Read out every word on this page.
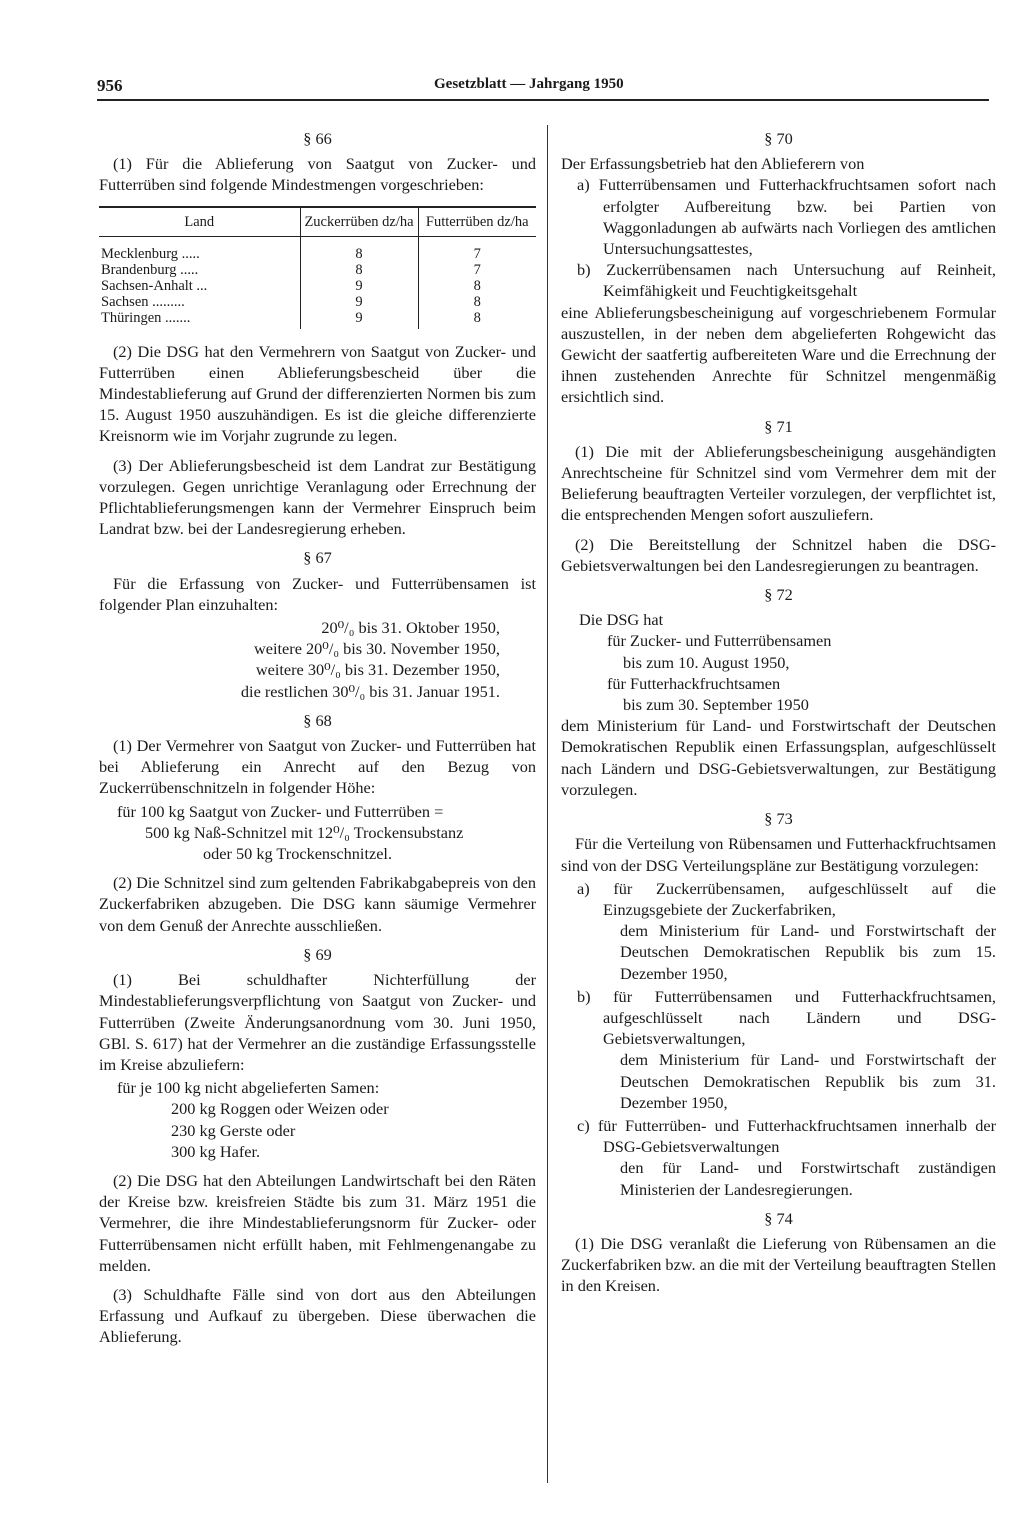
956	Gesetzblatt — Jahrgang 1950
§ 66

(1) Für die Ablieferung von Saatgut von Zucker- und Futterrüben sind folgende Mindestmengen vorgeschrieben:

Land	Zuckerrüben dz/ha	Futterrüben dz/ha
Mecklenburg .....	8	7
Brandenburg .....	8	7
Sachsen-Anhalt ...	9	8
Sachsen .........	9	8
Thüringen .......	9	8

(2) Die DSG hat den Vermehrern von Saatgut von Zucker- und Futterrüben einen Ablieferungsbescheid über die Mindestablieferung auf Grund der differenzierten Normen bis zum 15. August 1950 auszuhändigen. Es ist die gleiche differenzierte Kreisnorm wie im Vorjahr zugrunde zu legen.

(3) Der Ablieferungsbescheid ist dem Landrat zur Bestätigung vorzulegen. Gegen unrichtige Veranlagung oder Errechnung der Pflichtablieferungsmengen kann der Vermehrer Einspruch beim Landrat bzw. bei der Landesregierung erheben.

§ 67

Für die Erfassung von Zucker- und Futterrübensamen ist folgender Plan einzuhalten:

20⁰/₀ bis 31. Oktober 1950,

weitere 20⁰/₀ bis 30. November 1950,

weitere 30⁰/₀ bis 31. Dezember 1950,

die restlichen 30⁰/₀ bis 31. Januar 1951.

§ 68

(1) Der Vermehrer von Saatgut von Zucker- und Futterrüben hat bei Ablieferung ein Anrecht auf den Bezug von Zuckerrübenschnitzeln in folgender Höhe:

für 100 kg Saatgut von Zucker- und Futterrüben =

500 kg Naß-Schnitzel mit 12⁰/₀ Trockensubstanz

oder 50 kg Trockenschnitzel.

(2) Die Schnitzel sind zum geltenden Fabrikabgabepreis von den Zuckerfabriken abzugeben. Die DSG kann säumige Vermehrer von dem Genuß der Anrechte ausschließen.

§ 69

(1) Bei schuldhafter Nichterfüllung der Mindestablieferungsverpflichtung von Saatgut von Zucker- und Futterrüben (Zweite Änderungsanordnung vom 30. Juni 1950, GBl. S. 617) hat der Vermehrer an die zuständige Erfassungsstelle im Kreise abzuliefern:

für je 100 kg nicht abgelieferten Samen:

200 kg Roggen oder Weizen oder

230 kg Gerste oder

300 kg Hafer.

(2) Die DSG hat den Abteilungen Landwirtschaft bei den Räten der Kreise bzw. kreisfreien Städte bis zum 31. März 1951 die Vermehrer, die ihre Mindestablieferungsnorm für Zucker- oder Futterrübensamen nicht erfüllt haben, mit Fehlmengenangabe zu melden.

(3) Schuldhafte Fälle sind von dort aus den Abteilungen Erfassung und Aufkauf zu übergeben. Diese überwachen die Ablieferung.

§ 70

Der Erfassungsbetrieb hat den Ablieferern von

a) Futterrübensamen und Futterhackfruchtsamen sofort nach erfolgter Aufbereitung bzw. bei Partien von Waggonladungen ab aufwärts nach Vorliegen des amtlichen Untersuchungsattestes,

b) Zuckerrübensamen nach Untersuchung auf Reinheit, Keimfähigkeit und Feuchtigkeitsgehalt

eine Ablieferungsbescheinigung auf vorgeschriebenem Formular auszustellen, in der neben dem abgelieferten Rohgewicht das Gewicht der saatfertig aufbereiteten Ware und die Errechnung der ihnen zustehenden Anrechte für Schnitzel mengenmäßig ersichtlich sind.

§ 71

(1) Die mit der Ablieferungsbescheinigung ausgehändigten Anrechtscheine für Schnitzel sind vom Vermehrer dem mit der Belieferung beauftragten Verteiler vorzulegen, der verpflichtet ist, die entsprechenden Mengen sofort auszuliefern.

(2) Die Bereitstellung der Schnitzel haben die DSG-Gebietsverwaltungen bei den Landesregierungen zu beantragen.

§ 72

Die DSG hat

für Zucker- und Futterrübensamen

bis zum 10. August 1950,

für Futterhackfruchtsamen

bis zum 30. September 1950

dem Ministerium für Land- und Forstwirtschaft der Deutschen Demokratischen Republik einen Erfassungsplan, aufgeschlüsselt nach Ländern und DSG-Gebietsverwaltungen, zur Bestätigung vorzulegen.

§ 73

Für die Verteilung von Rübensamen und Futterhackfruchtsamen sind von der DSG Verteilungspläne zur Bestätigung vorzulegen:

a) für Zuckerrübensamen, aufgeschlüsselt auf die Einzugsgebiete der Zuckerfabriken,

dem Ministerium für Land- und Forstwirtschaft der Deutschen Demokratischen Republik bis zum 15. Dezember 1950,

b) für Futterrübensamen und Futterhackfruchtsamen, aufgeschlüsselt nach Ländern und DSG-Gebietsverwaltungen,

dem Ministerium für Land- und Forstwirtschaft der Deutschen Demokratischen Republik bis zum 31. Dezember 1950,

c) für Futterrüben- und Futterhackfruchtsamen innerhalb der DSG-Gebietsverwaltungen

den für Land- und Forstwirtschaft zuständigen Ministerien der Landesregierungen.

§ 74

(1) Die DSG veranlaßt die Lieferung von Rübensamen an die Zuckerfabriken bzw. an die mit der Verteilung beauftragten Stellen in den Kreisen.
